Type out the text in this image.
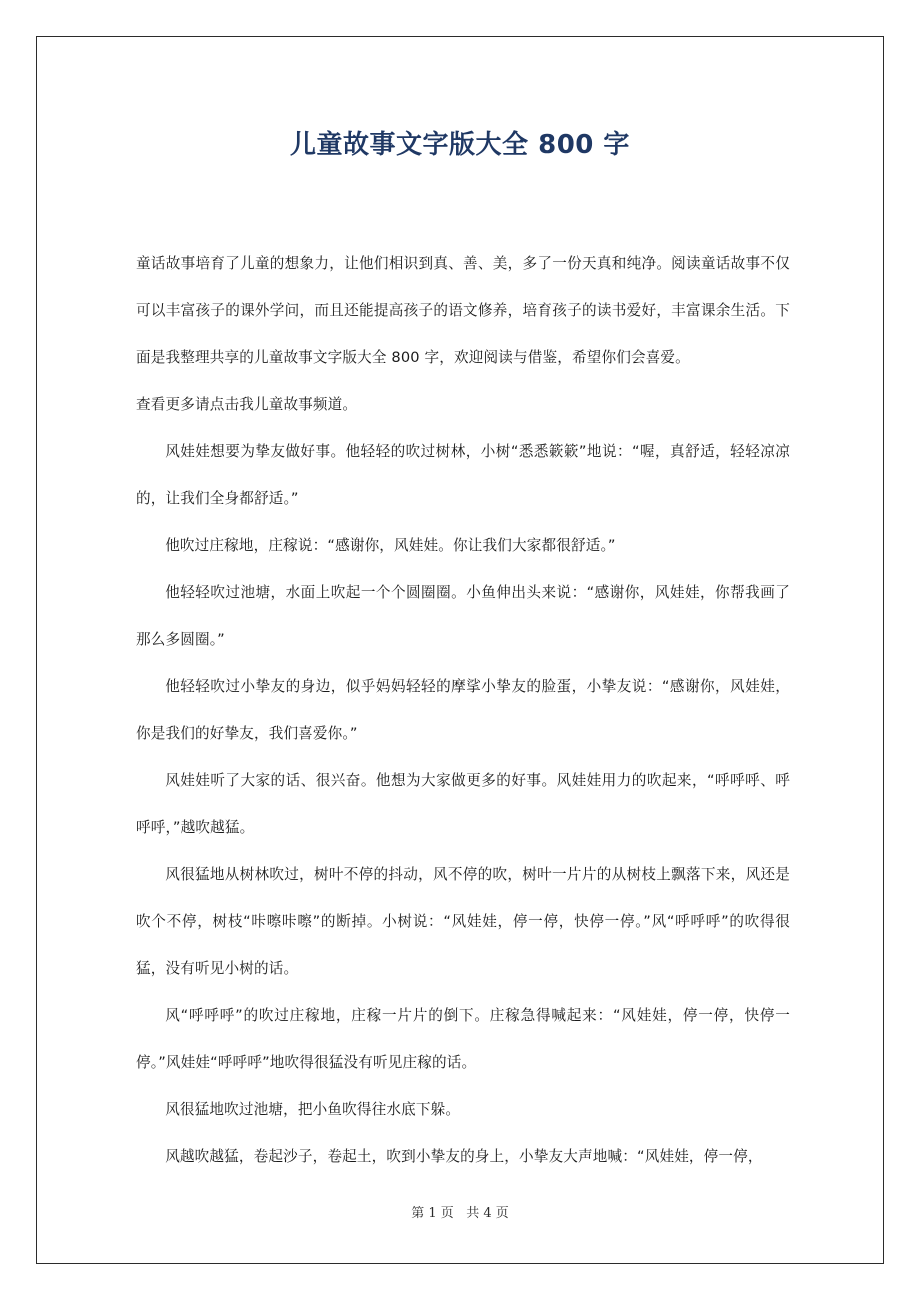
儿童故事文字版大全 800 字

童话故事培育了儿童的想象力，让他们相识到真、善、美，多了一份天真和纯净。阅读童话故事不仅可以丰富孩子的课外学问，而且还能提高孩子的语文修养，培育孩子的读书爱好，丰富课余生活。下面是我整理共享的儿童故事文字版大全 800 字，欢迎阅读与借鉴，希望你们会喜爱。

查看更多请点击我儿童故事频道。

风娃娃想要为挚友做好事。他轻轻的吹过树林，小树“悉悉簌簌”地说：“喔，真舒适，轻轻凉凉的，让我们全身都舒适。”

他吹过庄稼地，庄稼说：“感谢你，风娃娃。你让我们大家都很舒适。”

他轻轻吹过池塘，水面上吹起一个个圆圈圈。小鱼伸出头来说：“感谢你，风娃娃，你帮我画了那么多圆圈。”

他轻轻吹过小挚友的身边，似乎妈妈轻轻的摩挲小挚友的脸蛋，小挚友说：“感谢你，风娃娃，你是我们的好挚友，我们喜爱你。”

风娃娃听了大家的话、很兴奋。他想为大家做更多的好事。风娃娃用力的吹起来，“呼呼呼、呼呼呼，”越吹越猛。

风很猛地从树林吹过，树叶不停的抖动，风不停的吹，树叶一片片的从树枝上飘落下来，风还是吹个不停，树枝“咔嚓咔嚓”的断掉。小树说：“风娃娃，停一停，快停一停。”风“呼呼呼”的吹得很猛，没有听见小树的话。

风“呼呼呼”的吹过庄稼地，庄稼一片片的倒下。庄稼急得喊起来：“风娃娃，停一停，快停一停。”风娃娃“呼呼呼”地吹得很猛没有听见庄稼的话。

风很猛地吹过池塘，把小鱼吹得往水底下躲。

风越吹越猛，卷起沙子，卷起土，吹到小挚友的身上，小挚友大声地喊：“风娃娃，停一停，

第 1 页   共 4 页
